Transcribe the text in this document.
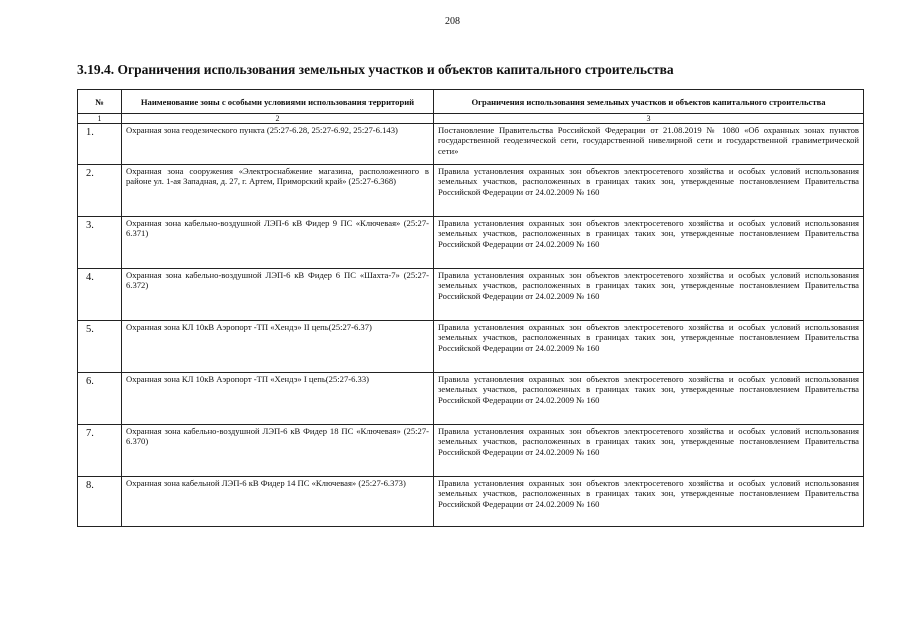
208
3.19.4. Ограничения использования земельных участков и объектов капитального строительства
№	Наименование зоны с особыми условиями использования территорий	Ограничения использования земельных участков и объектов капитального строительства
1	2	3
1.	Охранная зона геодезического пункта (25:27-6.28, 25:27-6.92, 25:27-6.143)	Постановление Правительства Российской Федерации от 21.08.2019 № 1080 «Об охранных зонах пунктов государственной геодезической сети, государственной нивелирной сети и государственной гравиметрической сети»
2.	Охранная зона сооружения «Электроснабжение магазина, расположенного в районе ул. 1-ая Западная, д. 27, г. Артем, Приморский край» (25:27-6.368)	Правила установления охранных зон объектов электросетевого хозяйства и особых условий использования земельных участков, расположенных в границах таких зон, утвержденные постановлением Правительства Российской Федерации от 24.02.2009 № 160
3.	Охранная зона кабельно-воздушной ЛЭП-6 кВ Фидер 9 ПС «Ключевая» (25:27-6.371)	Правила установления охранных зон объектов электросетевого хозяйства и особых условий использования земельных участков, расположенных в границах таких зон, утвержденные постановлением Правительства Российской Федерации от 24.02.2009 № 160
4.	Охранная зона кабельно-воздушной ЛЭП-6 кВ Фидер 6 ПС «Шахта-7» (25:27-6.372)	Правила установления охранных зон объектов электросетевого хозяйства и особых условий использования земельных участков, расположенных в границах таких зон, утвержденные постановлением Правительства Российской Федерации от 24.02.2009 № 160
5.	Охранная зона КЛ 10кВ Аэропорт -ТП «Хендэ» II цепь(25:27-6.37)	Правила установления охранных зон объектов электросетевого хозяйства и особых условий использования земельных участков, расположенных в границах таких зон, утвержденные постановлением Правительства Российской Федерации от 24.02.2009 № 160
6.	Охранная зона КЛ 10кВ Аэропорт -ТП «Хендэ» I цепь(25:27-6.33)	Правила установления охранных зон объектов электросетевого хозяйства и особых условий использования земельных участков, расположенных в границах таких зон, утвержденные постановлением Правительства Российской Федерации от 24.02.2009 № 160
7.	Охранная зона кабельно-воздушной ЛЭП-6 кВ Фидер 18 ПС «Ключевая» (25:27-6.370)	Правила установления охранных зон объектов электросетевого хозяйства и особых условий использования земельных участков, расположенных в границах таких зон, утвержденные постановлением Правительства Российской Федерации от 24.02.2009 № 160
8.	Охранная зона кабельной ЛЭП-6 кВ Фидер 14 ПС «Ключевая» (25:27-6.373)	Правила установления охранных зон объектов электросетевого хозяйства и особых условий использования земельных участков, расположенных в границах таких зон, утвержденные постановлением Правительства Российской Федерации от 24.02.2009 № 160
